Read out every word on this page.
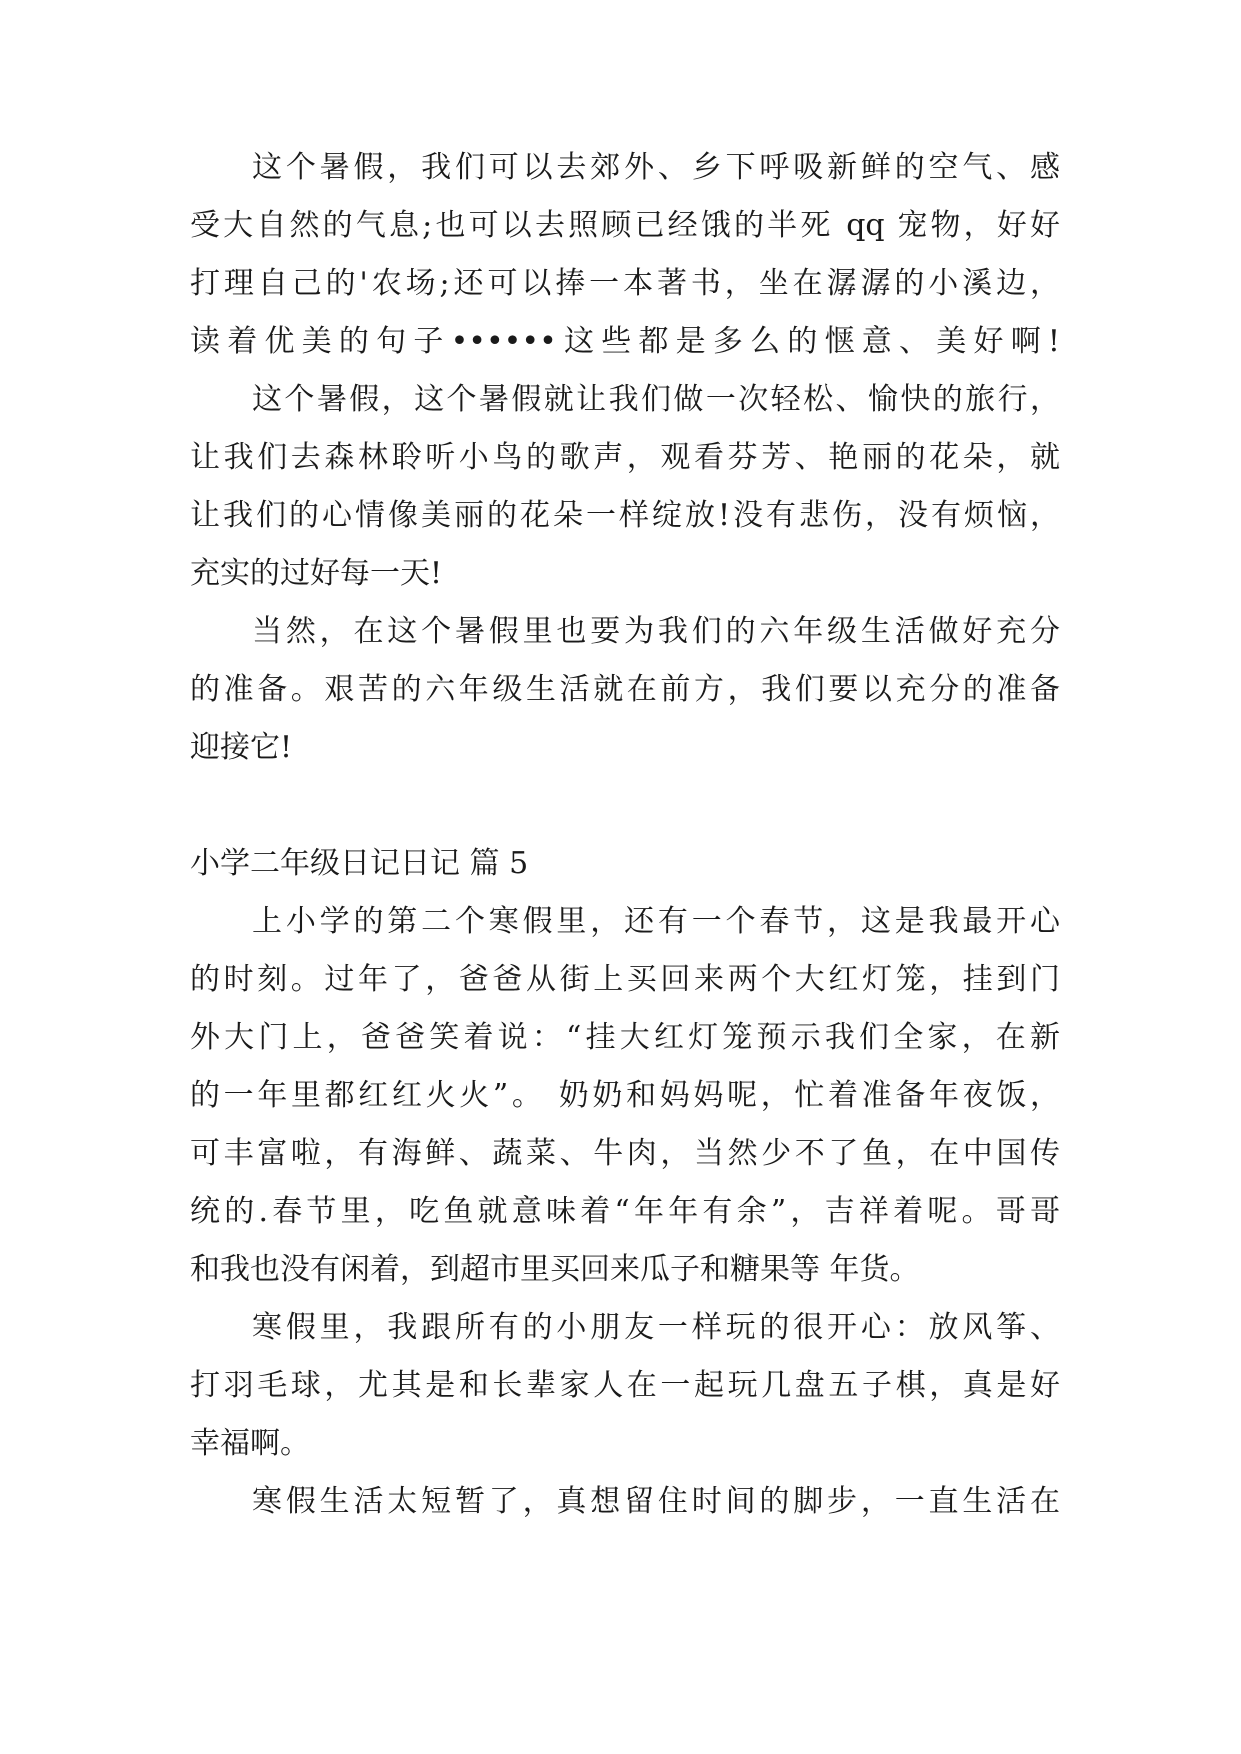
这个暑假，我们可以去郊外、乡下呼吸新鲜的空气、感
受大自然的气息;也可以去照顾已经饿的半死 qq 宠物，好好
打理自己的'农场;还可以捧一本著书，坐在潺潺的小溪边，
读着优美的句子••••••这些都是多么的惬意、美好啊!
这个暑假，这个暑假就让我们做一次轻松、愉快的旅行，
让我们去森林聆听小鸟的歌声，观看芬芳、艳丽的花朵，就
让我们的心情像美丽的花朵一样绽放!没有悲伤，没有烦恼，
充实的过好每一天!
当然，在这个暑假里也要为我们的六年级生活做好充分
的准备。艰苦的六年级生活就在前方，我们要以充分的准备
迎接它!
小学二年级日记日记 篇 5
上小学的第二个寒假里，还有一个春节，这是我最开心
的时刻。过年了，爸爸从街上买回来两个大红灯笼，挂到门
外大门上，爸爸笑着说：“挂大红灯笼预示我们全家，在新
的一年里都红红火火”。 奶奶和妈妈呢，忙着准备年夜饭，
可丰富啦，有海鲜、蔬菜、牛肉，当然少不了鱼，在中国传
统的.春节里，吃鱼就意味着“年年有余”，吉祥着呢。哥哥
和我也没有闲着，到超市里买回来瓜子和糖果等 年货。
寒假里，我跟所有的小朋友一样玩的很开心：放风筝、
打羽毛球，尤其是和长辈家人在一起玩几盘五子棋，真是好
幸福啊。
寒假生活太短暂了，真想留住时间的脚步，一直生活在
